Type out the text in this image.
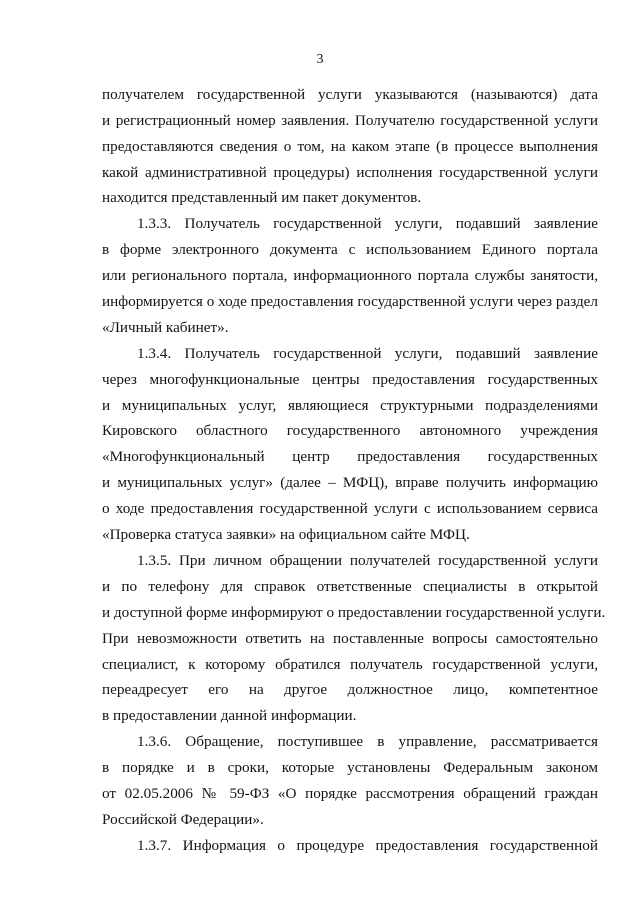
3
получателем государственной услуги указываются (называются) дата
и регистрационный номер заявления. Получателю государственной услуги
предоставляются сведения о том, на каком этапе (в процессе выполнения
какой административной процедуры) исполнения государственной услуги
находится представленный им пакет документов.
1.3.3. Получатель государственной услуги, подавший заявление
в форме электронного документа с использованием Единого портала
или регионального портала, информационного портала службы занятости,
информируется о ходе предоставления государственной услуги через раздел
«Личный кабинет».
1.3.4. Получатель государственной услуги, подавший заявление
через многофункциональные центры предоставления государственных
и муниципальных услуг, являющиеся структурными подразделениями
Кировского областного государственного автономного учреждения
«Многофункциональный центр предоставления государственных
и муниципальных услуг» (далее – МФЦ), вправе получить информацию
о ходе предоставления государственной услуги с использованием сервиса
«Проверка статуса заявки» на официальном сайте МФЦ.
1.3.5. При личном обращении получателей государственной услуги
и по телефону для справок ответственные специалисты в открытой
и доступной форме информируют о предоставлении государственной услуги.
При невозможности ответить на поставленные вопросы самостоятельно
специалист, к которому обратился получатель государственной услуги,
переадресует его на другое должностное лицо, компетентное
в предоставлении данной информации.
1.3.6. Обращение, поступившее в управление, рассматривается
в порядке и в сроки, которые установлены Федеральным законом
от 02.05.2006 № 59-ФЗ «О порядке рассмотрения обращений граждан
Российской Федерации».
1.3.7. Информация о процедуре предоставления государственной
